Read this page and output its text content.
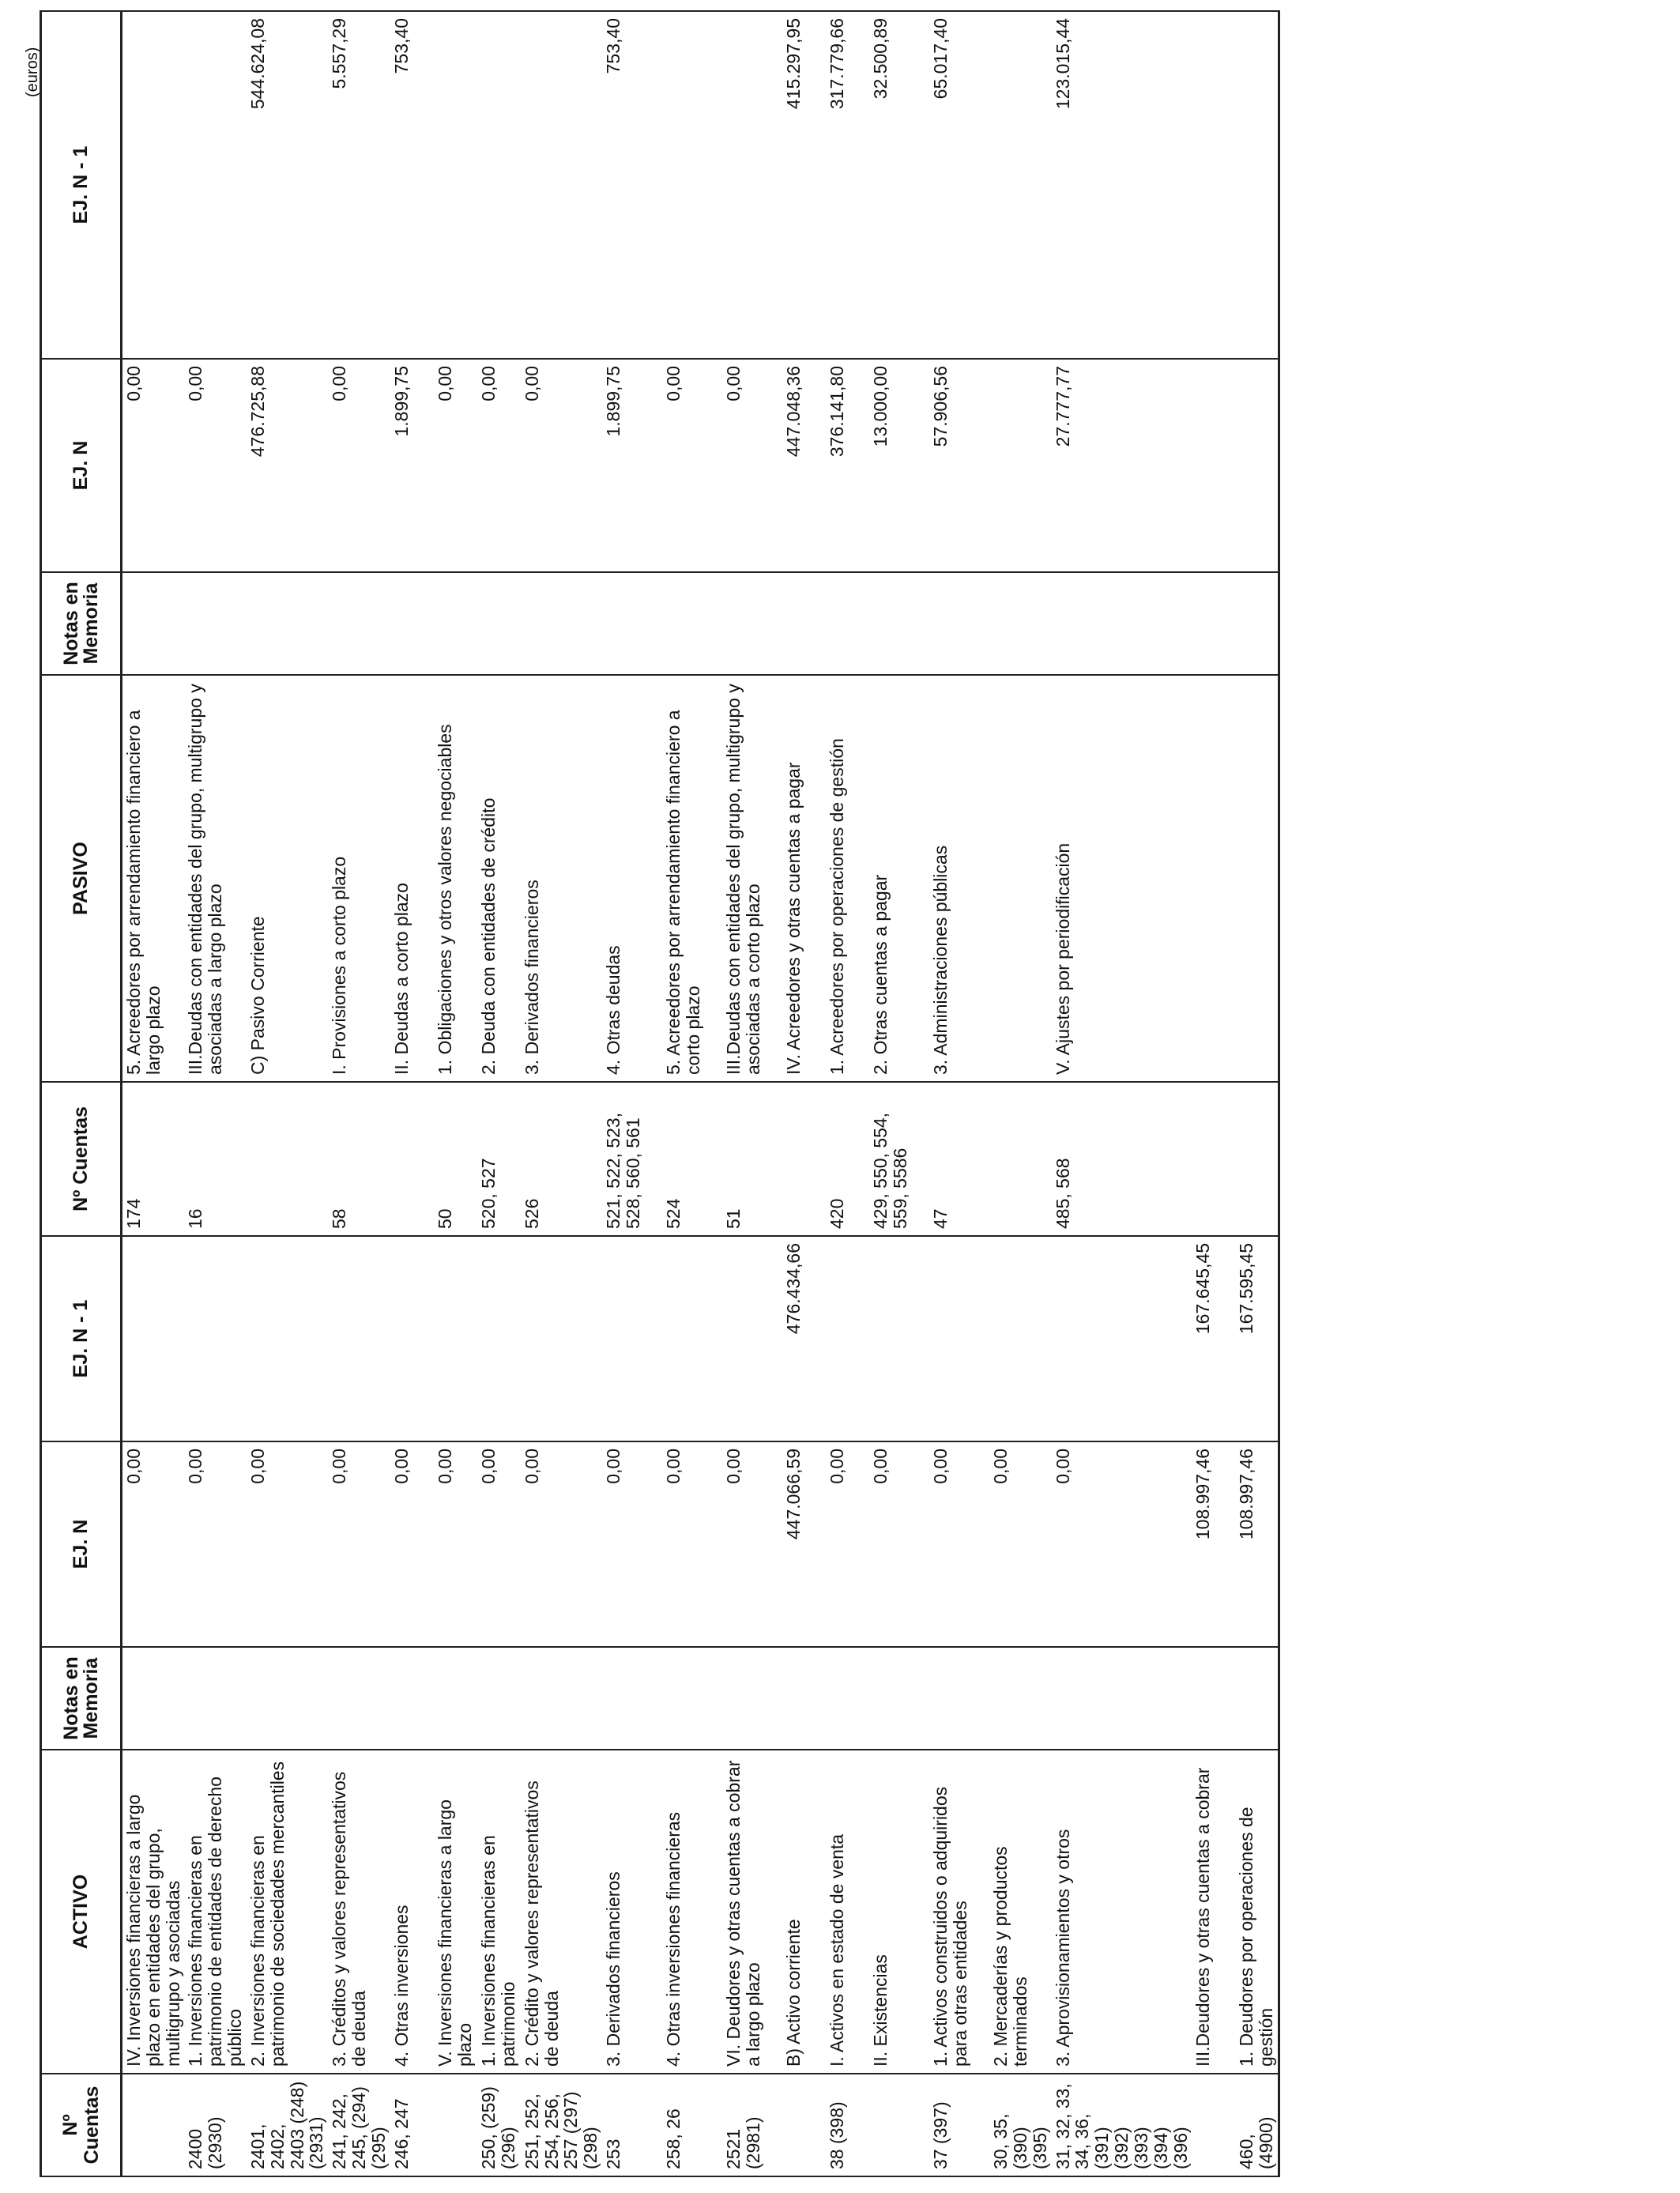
(euros)
Nº Cuentas	ACTIVO	Notas en Memoria	EJ. N	EJ. N - 1	Nº Cuentas	PASIVO	Notas en Memoria	EJ. N	EJ. N - 1
	IV. Inversiones financieras a largo plazo en entidades del grupo, multigrupo y asociadas		0,00		174	5. Acreedores por arrendamiento financiero a largo plazo		0,00	
2400 (2930)	1. Inversiones financieras en patrimonio de entidades de derecho público		0,00		16	III.Deudas con entidades del grupo, multigrupo y asociadas a largo plazo		0,00	
2401, 2402, 2403 (248) (2931)	2. Inversiones financieras en patrimonio de sociedades mercantiles		0,00			C) Pasivo Corriente		476.725,88	544.624,08
241, 242, 245, (294) (295)	3. Créditos y valores representativos de deuda		0,00		58	I. Provisiones a corto plazo		0,00	5.557,29
246, 247	4. Otras inversiones		0,00			II. Deudas a corto plazo		1.899,75	753,40
	V. Inversiones financieras a largo plazo		0,00		50	1. Obligaciones y otros valores negociables		0,00	
250, (259) (296)	1. Inversiones financieras en patrimonio		0,00		520, 527	2. Deuda con entidades de crédito		0,00	
251, 252, 254, 256, 257 (297) (298)	2. Crédito y valores representativos de deuda		0,00		526	3. Derivados financieros		0,00	
253	3. Derivados financieros		0,00		521, 522, 523, 528, 560, 561	4. Otras deudas		1.899,75	753,40
258, 26	4. Otras inversiones financieras		0,00		524	5. Acreedores por arrendamiento financiero a corto plazo		0,00	
2521 (2981)	VI. Deudores y otras cuentas a cobrar a largo plazo		0,00		51	III.Deudas con entidades del grupo, multigrupo y asociadas a corto plazo		0,00	
	B) Activo corriente		447.066,59	476.434,66		IV. Acreedores y otras cuentas a pagar		447.048,36	415.297,95
38 (398)	I. Activos en estado de venta		0,00		420	1. Acreedores por operaciones de gestión		376.141,80	317.779,66
	II. Existencias		0,00		429, 550, 554, 559, 5586	2. Otras cuentas a pagar		13.000,00	32.500,89
37 (397)	1. Activos construidos o adquiridos para otras entidades		0,00		47	3. Administraciones públicas		57.906,56	65.017,40
30, 35, (390) (395)	2. Mercaderías y productos terminados		0,00						
31, 32, 33, 34, 36, (391) (392) (393) (394) (396)	3. Aprovisionamientos y otros		0,00		485, 568	V. Ajustes por periodificación		27.777,77	123.015,44
	III.Deudores y otras cuentas a cobrar		108.997,46	167.645,45					
460, (4900)	1. Deudores por operaciones de gestión		108.997,46	167.595,45					
